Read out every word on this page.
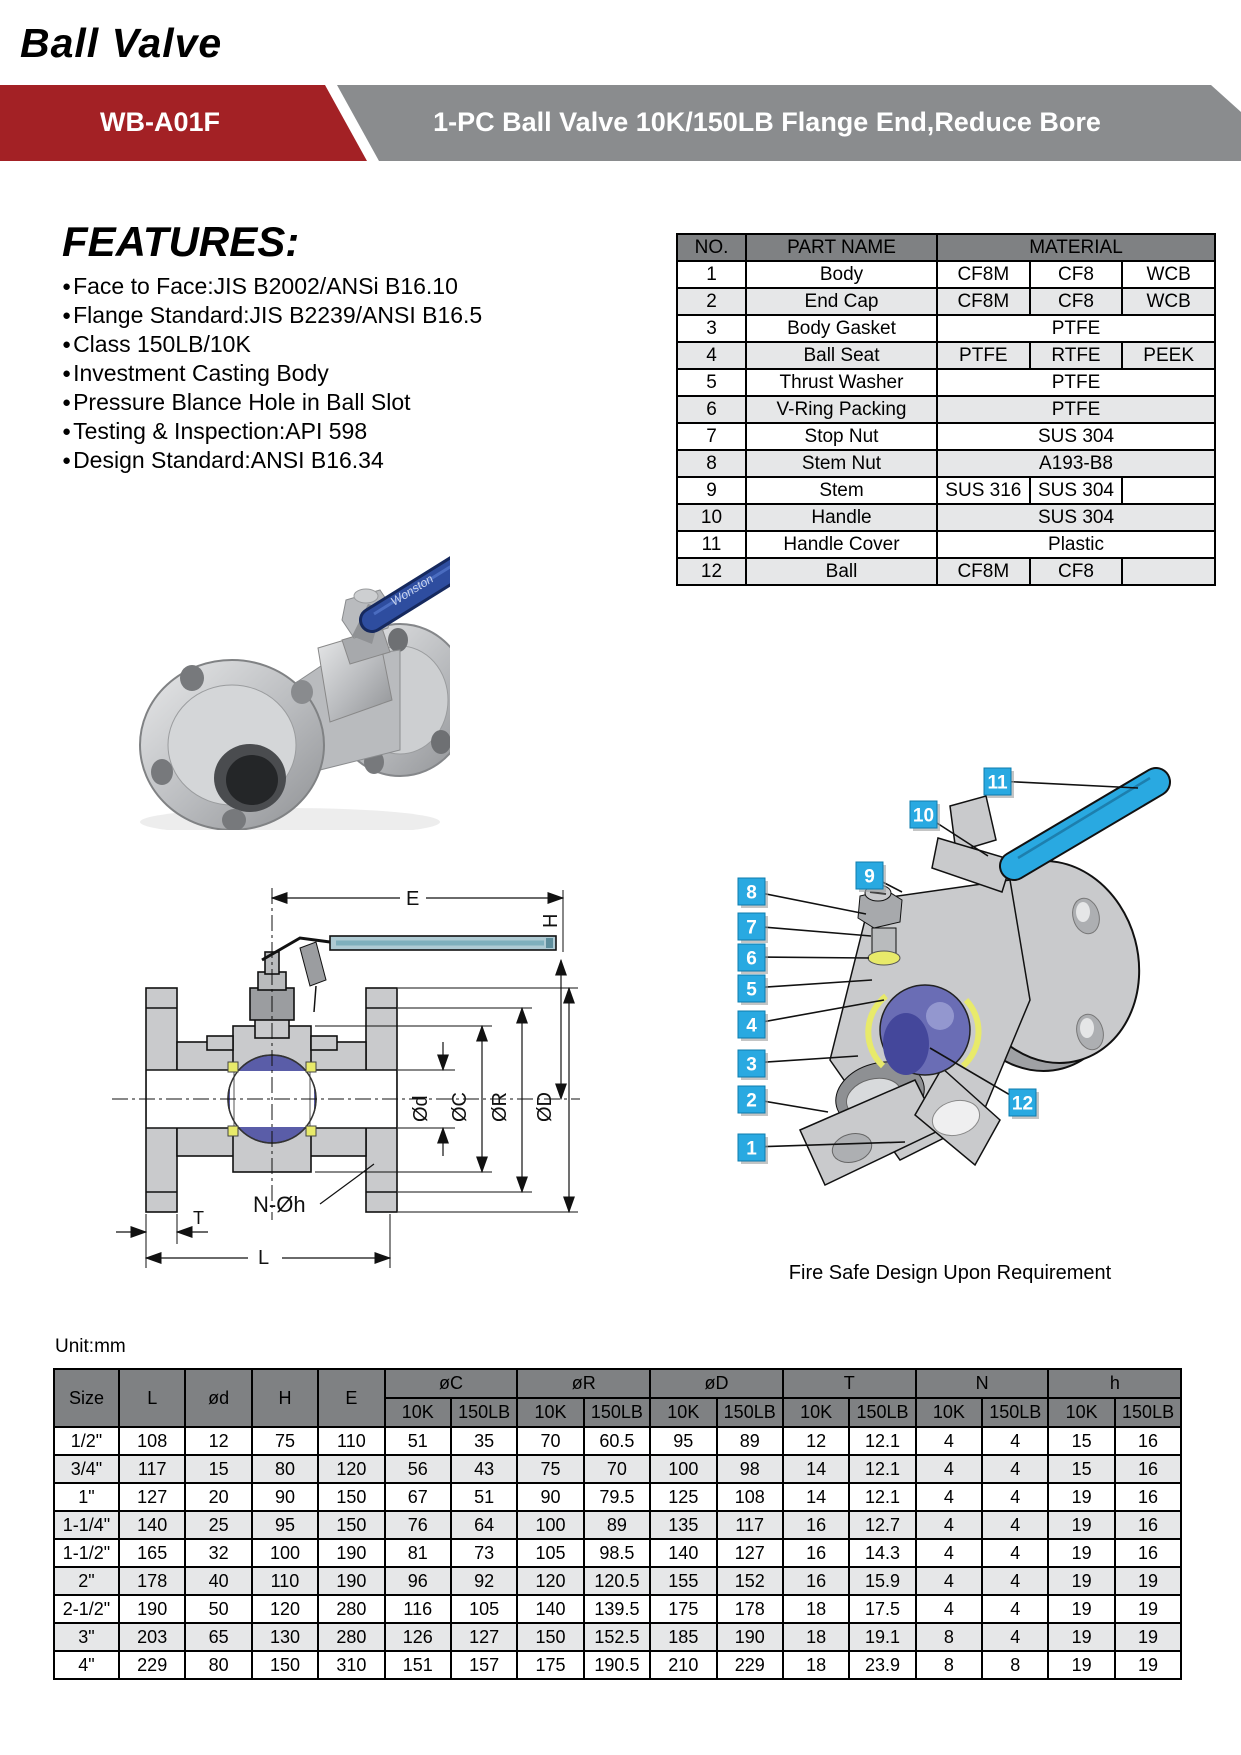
Ball Valve
WB-A01F	1-PC Ball Valve 10K/150LB Flange End,Reduce Bore
FEATURES:
●Face to Face:JIS B2002/ANSi B16.10
●Flange Standard:JIS B2239/ANSI B16.5
●Class 150LB/10K
●Investment Casting Body
●Pressure Blance Hole in Ball Slot
●Testing & Inspection:API 598
●Design Standard:ANSI B16.34
NO.	PART NAME	MATERIAL		
1	Body	CF8M	CF8	WCB
2	End Cap	CF8M	CF8	WCB
3	Body Gasket	PTFE		
4	Ball Seat	PTFE	RTFE	PEEK
5	Thrust Washer	PTFE		
6	V-Ring Packing	PTFE		
7	Stop Nut	SUS 304		
8	Stem Nut	A193-B8		
9	Stem	SUS 316	SUS 304	
10	Handle	SUS 304		
11	Handle Cover	Plastic		
12	Ball	CF8M	CF8	
Wonston
E
H
Ød ØC ØR ØD
N-Øh
T
L
1
2
3
4
5
6
7
8
9
10
11
12
Fire Safe Design Upon Requirement
Unit:mm
Size	L	ød	H	E	øC		øR		øD		T		N		h	
					10K	150LB	10K	150LB	10K	150LB	10K	150LB	10K	150LB	10K	150LB
1/2"	108	12	75	110	51	35	70	60.5	95	89	12	12.1	4	4	15	16
3/4"	117	15	80	120	56	43	75	70	100	98	14	12.1	4	4	15	16
1"	127	20	90	150	67	51	90	79.5	125	108	14	12.1	4	4	19	16
1-1/4"	140	25	95	150	76	64	100	89	135	117	16	12.7	4	4	19	16
1-1/2"	165	32	100	190	81	73	105	98.5	140	127	16	14.3	4	4	19	16
2"	178	40	110	190	96	92	120	120.5	155	152	16	15.9	4	4	19	19
2-1/2"	190	50	120	280	116	105	140	139.5	175	178	18	17.5	4	4	19	19
3"	203	65	130	280	126	127	150	152.5	185	190	18	19.1	8	4	19	19
4"	229	80	150	310	151	157	175	190.5	210	229	18	23.9	8	8	19	19
